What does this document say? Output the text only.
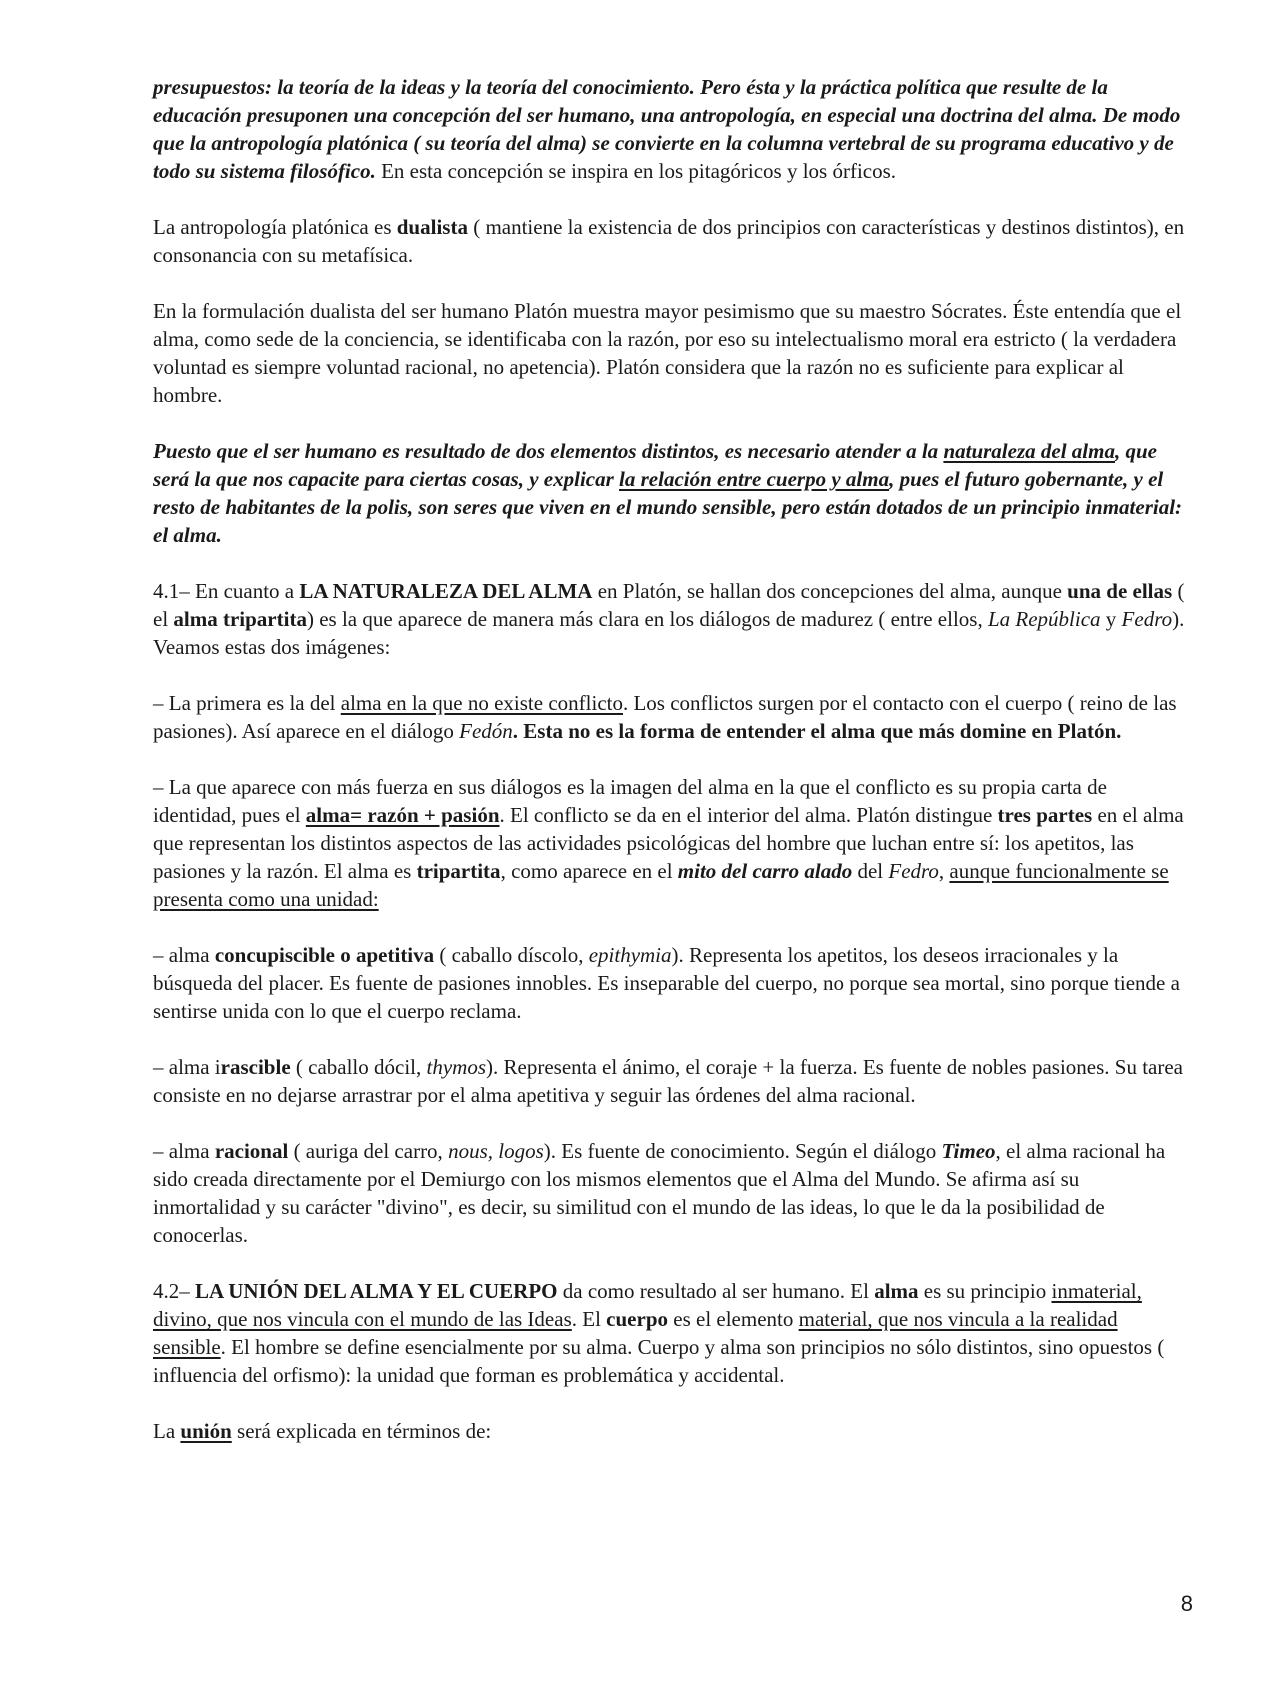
presupuestos: la teoría de la ideas y la teoría del conocimiento. Pero ésta y la práctica política que resulte de la educación presuponen una concepción del ser humano, una antropología, en especial una doctrina del alma. De modo que la antropología platónica ( su teoría del alma) se convierte en la columna vertebral de su programa educativo y de todo su sistema filosófico. En esta concepción se inspira en los pitagóricos y los órficos.

La antropología platónica es dualista ( mantiene la existencia de dos principios con características y destinos distintos), en consonancia con su metafísica.

En la formulación dualista del ser humano Platón muestra mayor pesimismo que su maestro Sócrates. Éste entendía que el alma, como sede de la conciencia, se identificaba con la razón, por eso su intelectualismo moral era estricto ( la verdadera voluntad es siempre voluntad racional, no apetencia). Platón considera que la razón no es suficiente para explicar al hombre.

Puesto que el ser humano es resultado de dos elementos distintos, es necesario atender a la naturaleza del alma, que será la que nos capacite para ciertas cosas, y explicar la relación entre cuerpo y alma, pues el futuro gobernante, y el resto de habitantes de la polis, son seres que viven en el mundo sensible, pero están dotados de un principio inmaterial: el alma.

4.1– En cuanto a LA NATURALEZA DEL ALMA en Platón, se hallan dos concepciones del alma, aunque una de ellas ( el alma tripartita) es la que aparece de manera más clara en los diálogos de madurez ( entre ellos, La República y Fedro). Veamos estas dos imágenes:

– La primera es la del alma en la que no existe conflicto. Los conflictos surgen por el contacto con el cuerpo ( reino de las pasiones). Así aparece en el diálogo Fedón. Esta no es la forma de entender el alma que más domine en Platón.

– La que aparece con más fuerza en sus diálogos es la imagen del alma en la que el conflicto es su propia carta de identidad, pues el alma= razón + pasión. El conflicto se da en el interior del alma. Platón distingue tres partes en el alma que representan los distintos aspectos de las actividades psicológicas del hombre que luchan entre sí: los apetitos, las pasiones y la razón. El alma es tripartita, como aparece en el mito del carro alado del Fedro, aunque funcionalmente se presenta como una unidad:

– alma concupiscible o apetitiva ( caballo díscolo, epithymia). Representa los apetitos, los deseos irracionales y la búsqueda del placer. Es fuente de pasiones innobles. Es inseparable del cuerpo, no porque sea mortal, sino porque tiende a sentirse unida con lo que el cuerpo reclama.

– alma irascible ( caballo dócil, thymos). Representa el ánimo, el coraje + la fuerza. Es fuente de nobles pasiones. Su tarea consiste en no dejarse arrastrar por el alma apetitiva y seguir las órdenes del alma racional.

– alma racional ( auriga del carro, nous, logos). Es fuente de conocimiento. Según el diálogo Timeo, el alma racional ha sido creada directamente por el Demiurgo con los mismos elementos que el Alma del Mundo. Se afirma así su inmortalidad y su carácter "divino", es decir, su similitud con el mundo de las ideas, lo que le da la posibilidad de conocerlas.

4.2– LA UNIÓN DEL ALMA Y EL CUERPO da como resultado al ser humano. El alma es su principio inmaterial, divino, que nos vincula con el mundo de las Ideas. El cuerpo es el elemento material, que nos vincula a la realidad sensible. El hombre se define esencialmente por su alma. Cuerpo y alma son principios no sólo distintos, sino opuestos ( influencia del orfismo): la unidad que forman es problemática y accidental.

La unión será explicada en términos de:

8
